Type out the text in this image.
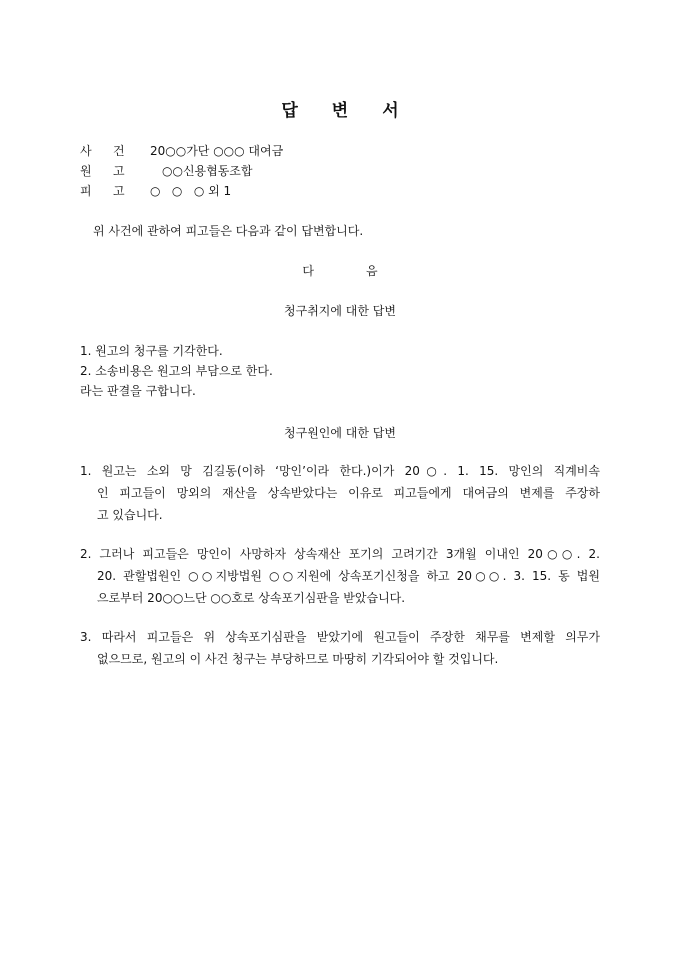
답 변 서
사 건 20○○가단 ○○○ 대여금
원 고	○○신용협동조합
피 고 ○   ○   ○ 외 1
위 사건에 관하여 피고들은 다음과 같이 답변합니다.
다	음
청구취지에 대한 답변
1. 원고의 청구를 기각한다.
2. 소송비용은 원고의 부담으로 한다.
라는 판결을 구합니다.
청구원인에 대한 답변
1. 원고는 소외 망 김길동(이하 ‘망인’이라 한다.)이가 20○. 1. 15. 망인의 직계비속
인 피고들이 망외의 재산을 상속받았다는 이유로 피고들에게 대여금의 변제를 주장하
고 있습니다.
2. 그러나 피고들은 망인이 사망하자 상속재산 포기의 고려기간 3개월 이내인 20○○. 2.
20. 관할법원인 ○○지방법원 ○○지원에 상속포기신청을 하고 20○○. 3. 15. 동 법원
으로부터 20○○느단 ○○호로 상속포기심판을 받았습니다.
3. 따라서 피고들은 위 상속포기심판을 받았기에 원고들이 주장한 채무를 변제할 의무가
없으므로, 원고의 이 사건 청구는 부당하므로 마땅히 기각되어야 할 것입니다.
